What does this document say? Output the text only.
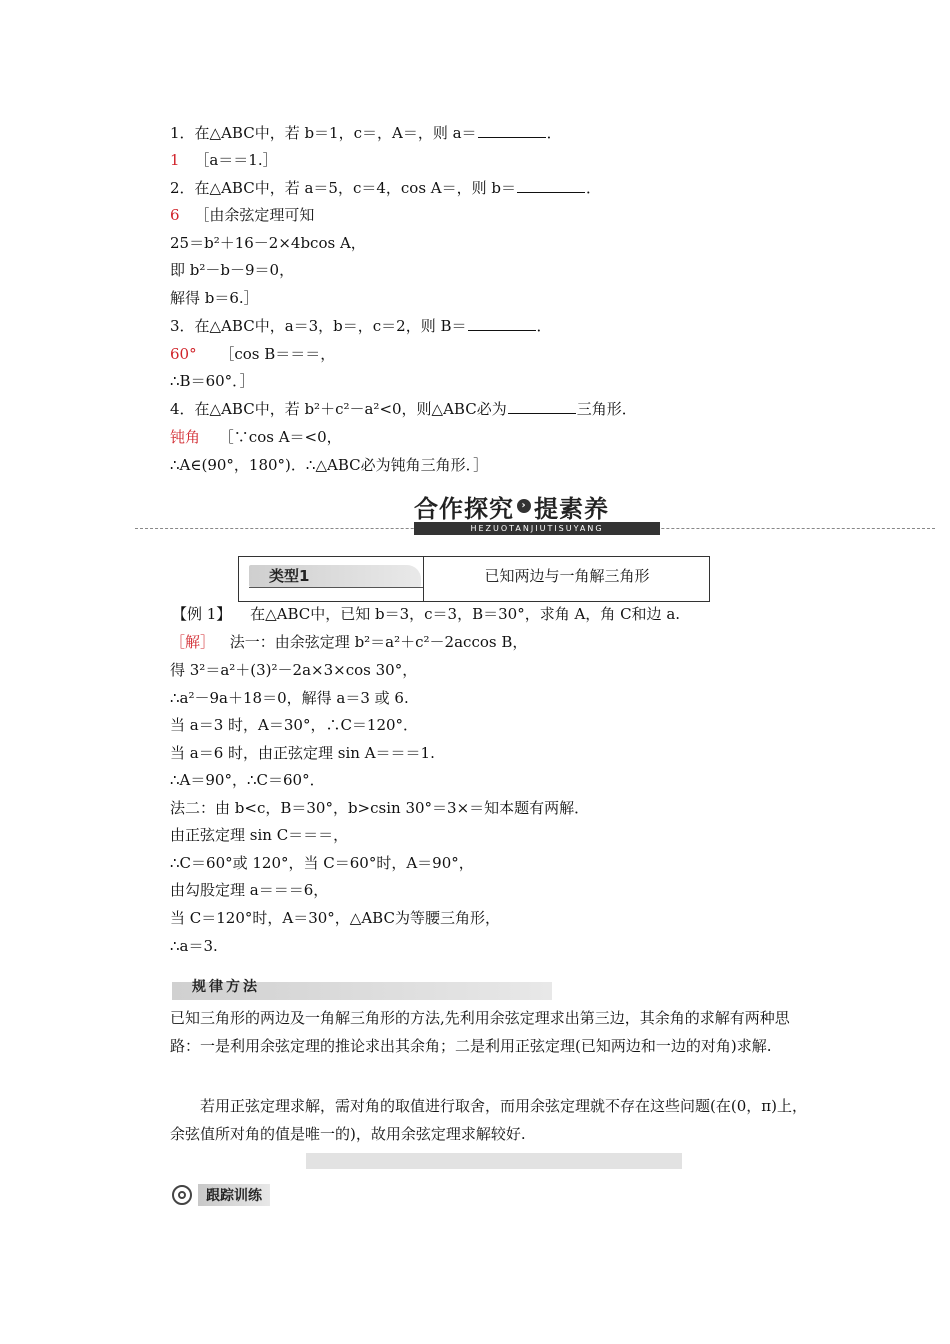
1．在△ABC中，若 b＝1，c＝，A＝，则 a＝	．
1 ［a＝＝1.］
2．在△ABC中，若 a＝5，c＝4，cos A＝，则 b＝	．
6 ［由余弦定理可知
25＝b²＋16－2×4bcos A，
即 b²－b－9＝0，
解得 b＝6.］
3．在△ABC中，a＝3，b＝，c＝2，则 B＝	．
60° ［cos B＝＝＝，
∴B＝60°．］
4．在△ABC中，若 b²＋c²－a²<0，则△ABC必为	三角形．
钝角 ［∵cos A＝<0，
∴A∈(90°，180°)．∴△ABC必为钝角三角形．］
合作探究 › 提素养
HEZUOTANJIUTISUYANG
类型1	已知两边与一角解三角形
【例 1】 在△ABC中，已知 b＝3，c＝3，B＝30°，求角 A，角 C和边 a.
［解］ 法一：由余弦定理 b²＝a²＋c²－2accos B，
得 3²＝a²＋(3)²－2a×3×cos 30°，
∴a²－9a＋18＝0，解得 a＝3 或 6.
当 a＝3 时，A＝30°，∴C＝120°．
当 a＝6 时，由正弦定理 sin A＝＝＝1.
∴A＝90°，∴C＝60°．
法二：由 b<c，B＝30°，b>csin 30°＝3×＝知本题有两解．
由正弦定理 sin C＝＝＝，
∴C＝60°或 120°，当 C＝60°时，A＝90°，
由勾股定理 a＝＝＝6，
当 C＝120°时，A＝30°，△ABC为等腰三角形，
∴a＝3.
规律方法
已知三角形的两边及一角解三角形的方法,先利用余弦定理求出第三边，其余角的求解有两种思路：一是利用余弦定理的推论求出其余角；二是利用正弦定理(已知两边和一边的对角)求解.
若用正弦定理求解，需对角的取值进行取舍，而用余弦定理就不存在这些问题(在(0，π)上，余弦值所对角的值是唯一的)，故用余弦定理求解较好.
跟踪训练
